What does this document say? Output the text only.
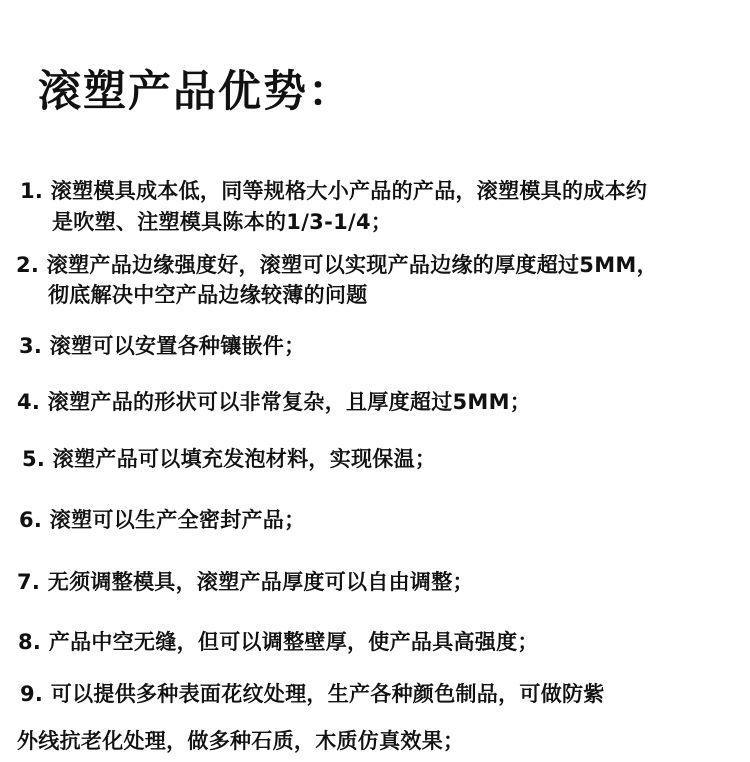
滚塑产品优势：
1. 滚塑模具成本低，同等规格大小产品的产品，滚塑模具的成本约
是吹塑、注塑模具陈本的1/3-1/4；
2. 滚塑产品边缘强度好，滚塑可以实现产品边缘的厚度超过5MM，
彻底解决中空产品边缘较薄的问题
3. 滚塑可以安置各种镶嵌件；
4. 滚塑产品的形状可以非常复杂，且厚度超过5MM；
5. 滚塑产品可以填充发泡材料，实现保温；
6. 滚塑可以生产全密封产品；
7. 无须调整模具，滚塑产品厚度可以自由调整；
8. 产品中空无缝，但可以调整壁厚，使产品具高强度；
9. 可以提供多种表面花纹处理，生产各种颜色制品，可做防紫
外线抗老化处理，做多种石质，木质仿真效果；
